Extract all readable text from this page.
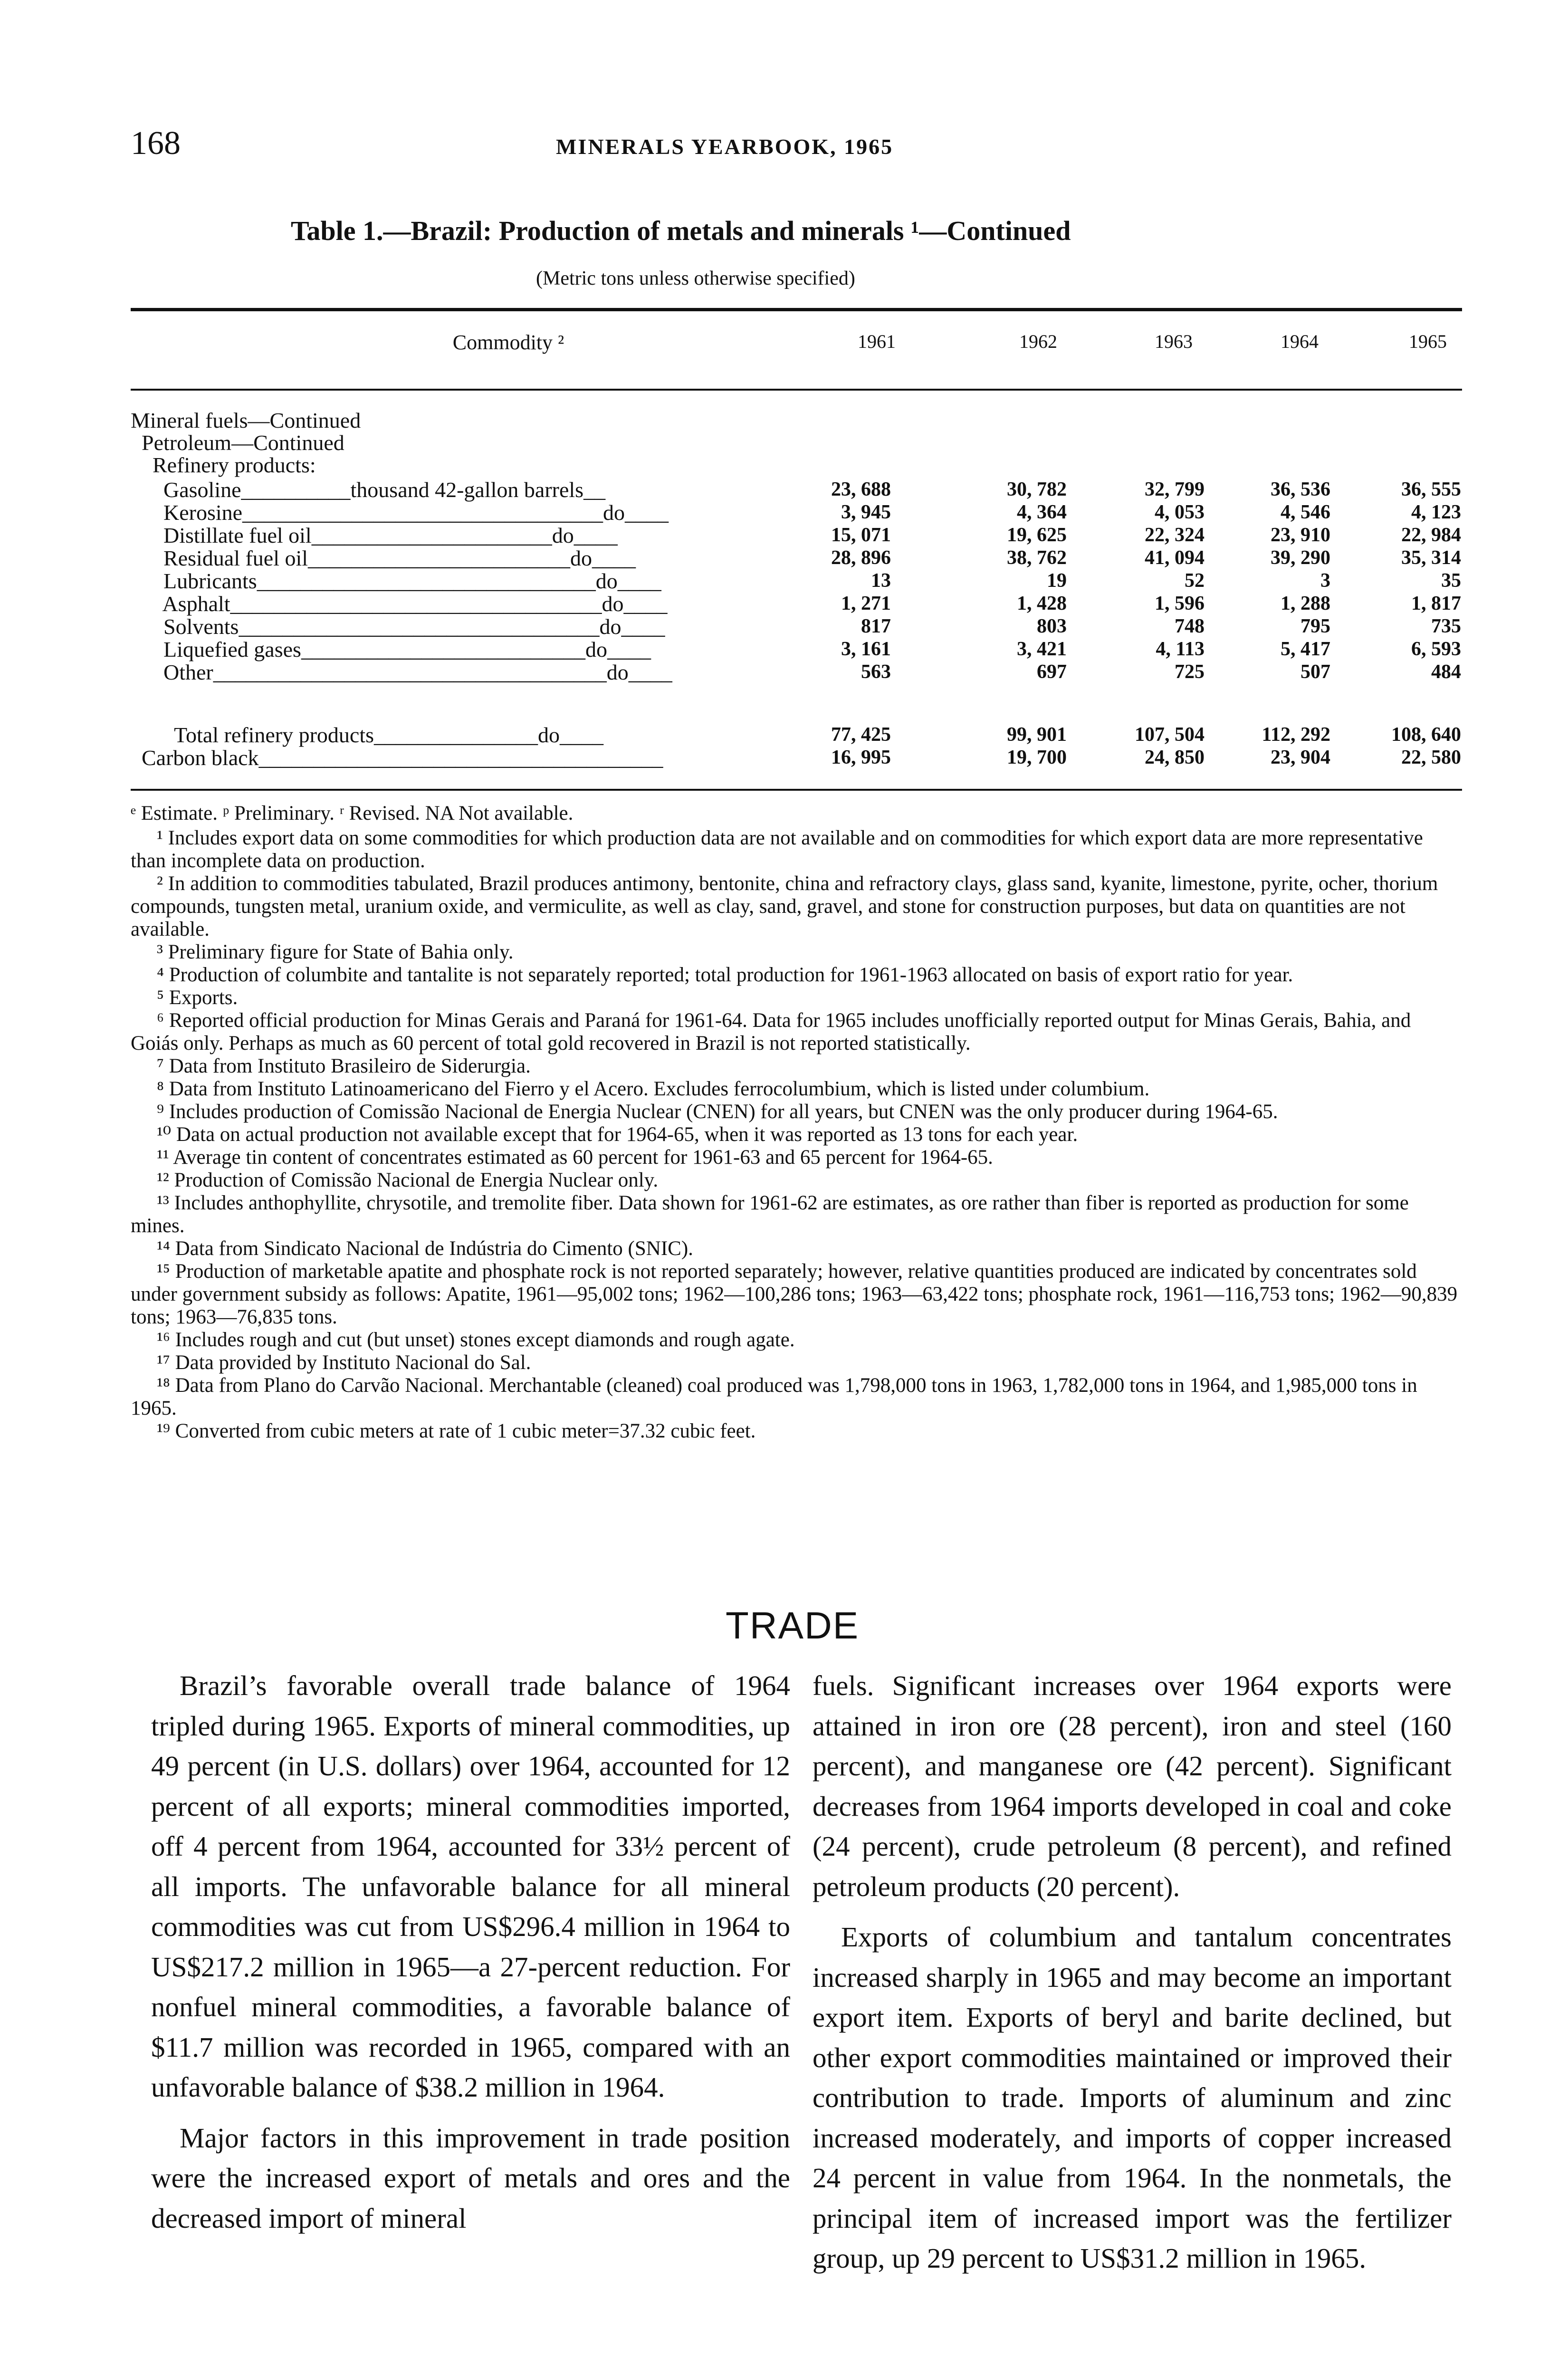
168	MINERALS YEARBOOK, 1965
Table 1.—Brazil: Production of metals and minerals ¹—Continued
(Metric tons unless otherwise specified)
Commodity ²	1961	1962	1963	1964	1965
Mineral fuels—Continued
Petroleum—Continued
Refinery products:
Gasoline__________thousand 42-gallon barrels__	23, 688	30, 782	32, 799	36, 536	36, 555
Kerosine_________________________________do____	3, 945	4, 364	4, 053	4, 546	4, 123
Distillate fuel oil______________________do____	15, 071	19, 625	22, 324	23, 910	22, 984
Residual fuel oil________________________do____	28, 896	38, 762	41, 094	39, 290	35, 314
Lubricants_______________________________do____	13	19	52	3	35
Asphalt__________________________________do____	1, 271	1, 428	1, 596	1, 288	1, 817
Solvents_________________________________do____	817	803	748	795	735
Liquefied gases__________________________do____	3, 161	3, 421	4, 113	5, 417	6, 593
Other____________________________________do____	563	697	725	507	484
Total refinery products_______________do____	77, 425	99, 901	107, 504	112, 292	108, 640
Carbon black_____________________________________	16, 995	19, 700	24, 850	23, 904	22, 580

ᵉ Estimate. ᵖ Preliminary. ʳ Revised. NA Not available.

¹ Includes export data on some commodities for which production data are not available and on commodities for which export data are more representative than incomplete data on production.

² In addition to commodities tabulated, Brazil produces antimony, bentonite, china and refractory clays, glass sand, kyanite, limestone, pyrite, ocher, thorium compounds, tungsten metal, uranium oxide, and vermiculite, as well as clay, sand, gravel, and stone for construction purposes, but data on quantities are not available.

³ Preliminary figure for State of Bahia only.

⁴ Production of columbite and tantalite is not separately reported; total production for 1961-1963 allocated on basis of export ratio for year.

⁵ Exports.

⁶ Reported official production for Minas Gerais and Paraná for 1961-64. Data for 1965 includes unofficially reported output for Minas Gerais, Bahia, and Goiás only. Perhaps as much as 60 percent of total gold recovered in Brazil is not reported statistically.

⁷ Data from Instituto Brasileiro de Siderurgia.

⁸ Data from Instituto Latinoamericano del Fierro y el Acero. Excludes ferrocolumbium, which is listed under columbium.

⁹ Includes production of Comissão Nacional de Energia Nuclear (CNEN) for all years, but CNEN was the only producer during 1964-65.

¹⁰ Data on actual production not available except that for 1964-65, when it was reported as 13 tons for each year.

¹¹ Average tin content of concentrates estimated as 60 percent for 1961-63 and 65 percent for 1964-65.

¹² Production of Comissão Nacional de Energia Nuclear only.

¹³ Includes anthophyllite, chrysotile, and tremolite fiber. Data shown for 1961-62 are estimates, as ore rather than fiber is reported as production for some mines.

¹⁴ Data from Sindicato Nacional de Indústria do Cimento (SNIC).

¹⁵ Production of marketable apatite and phosphate rock is not reported separately; however, relative quantities produced are indicated by concentrates sold under government subsidy as follows: Apatite, 1961—95,002 tons; 1962—100,286 tons; 1963—63,422 tons; phosphate rock, 1961—116,753 tons; 1962—90,839 tons; 1963—76,835 tons.

¹⁶ Includes rough and cut (but unset) stones except diamonds and rough agate.

¹⁷ Data provided by Instituto Nacional do Sal.

¹⁸ Data from Plano do Carvão Nacional. Merchantable (cleaned) coal produced was 1,798,000 tons in 1963, 1,782,000 tons in 1964, and 1,985,000 tons in 1965.

¹⁹ Converted from cubic meters at rate of 1 cubic meter=37.32 cubic feet.

TRADE

Brazil’s favorable overall trade balance of 1964 tripled during 1965. Exports of mineral commodities, up 49 percent (in U.S. dollars) over 1964, accounted for 12 percent of all exports; mineral commodities imported, off 4 percent from 1964, accounted for 33½ percent of all imports. The unfavorable balance for all mineral commodities was cut from US$296.4 million in 1964 to US$217.2 million in 1965—a 27-percent reduction. For nonfuel mineral commodities, a favorable balance of $11.7 million was recorded in 1965, compared with an unfavorable balance of $38.2 million in 1964.

Major factors in this improvement in trade position were the increased export of metals and ores and the decreased import of mineral

fuels. Significant increases over 1964 exports were attained in iron ore (28 percent), iron and steel (160 percent), and manganese ore (42 percent). Significant decreases from 1964 imports developed in coal and coke (24 percent), crude petroleum (8 percent), and refined petroleum products (20 percent).

Exports of columbium and tantalum concentrates increased sharply in 1965 and may become an important export item. Exports of beryl and barite declined, but other export commodities maintained or improved their contribution to trade. Imports of aluminum and zinc increased moderately, and imports of copper increased 24 percent in value from 1964. In the nonmetals, the principal item of increased import was the fertilizer group, up 29 percent to US$31.2 million in 1965.
